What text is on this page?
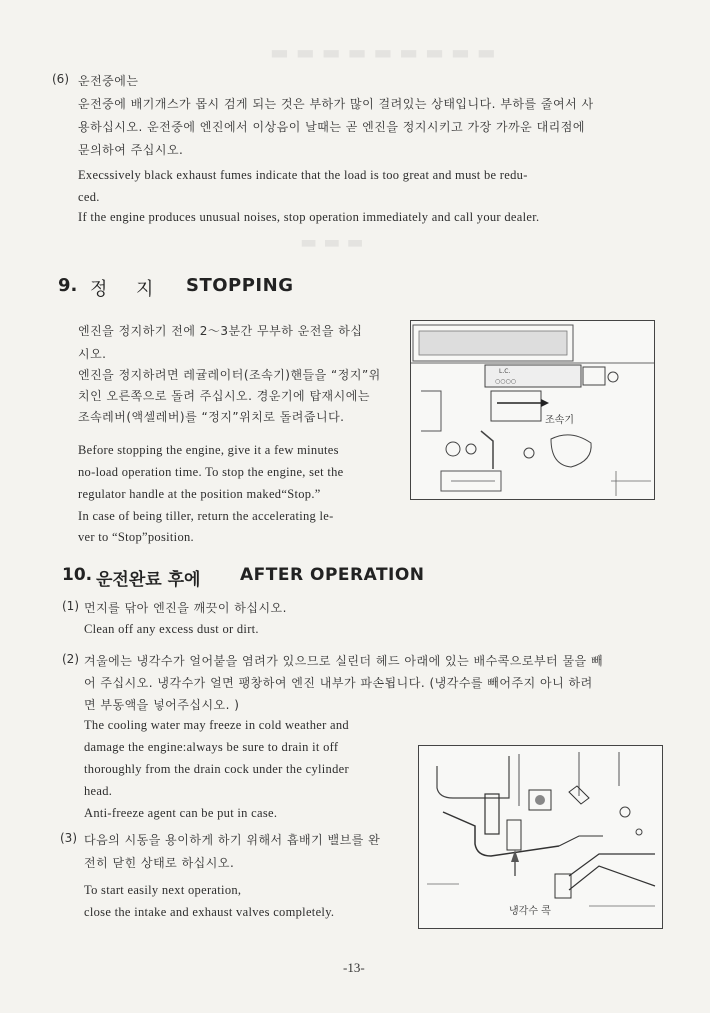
▬ ▬ ▬ ▬ ▬ ▬ ▬ ▬ ▬
▬ ▬ ▬
(6) 운전중에는
운전중에 배기개스가 몹시 검게 되는 것은 부하가 많이 걸려있는 상태입니다. 부하를 줄여서 사
용하십시오. 운전중에 엔진에서 이상음이 날때는 곧 엔진을 정지시키고 가장 가까운 대리점에
문의하여 주십시오.
Execssively black exhaust fumes indicate that the load is too great and must be redu-
ced.
If the engine produces unusual noises, stop operation immediately and call your dealer.
9. 정     지 STOPPING
엔진을 정지하기 전에 2～3분간 무부하 운전을 하십
시오.
엔진을 정지하려면 레귤레이터(조속기)핸들을 “정지”위
치인 오른쪽으로 돌려 주십시오. 경운기에 탑재시에는
조속레버(액셀레버)를 “정지”위치로 돌려줍니다.
Before stopping the engine, give it a few minutes
no-load operation time. To stop the engine, set the
regulator handle at the position maked“Stop.”
In case of being tiller, return the accelerating le-
ver to “Stop”position.
L.C.
○○○○
조속기
10. 운전완료 후에 AFTER OPERATION
(1) 먼지를 닦아 엔진을 깨끗이 하십시오.
Clean off any excess dust or dirt.
(2) 겨울에는 냉각수가 얼어붙을 염려가 있으므로 실린더 헤드 아래에 있는 배수콕으로부터 물을 빼
어 주십시오. 냉각수가 얼면 팽창하여 엔진 내부가 파손됩니다. (냉각수를 빼어주지 아니 하려
면 부동액을 넣어주십시오. )
The cooling water may freeze in cold weather and
damage the engine:always be sure to drain it off
thoroughly from the drain cock under the cylinder
head.
Anti-freeze agent can be put in case.
(3) 다음의 시동을 용이하게 하기 위해서 흡배기 밸브를 완
전히 닫힌 상태로 하십시오.
To start easily next operation,
close the intake and exhaust valves completely.	냉각수 콕
-13-
